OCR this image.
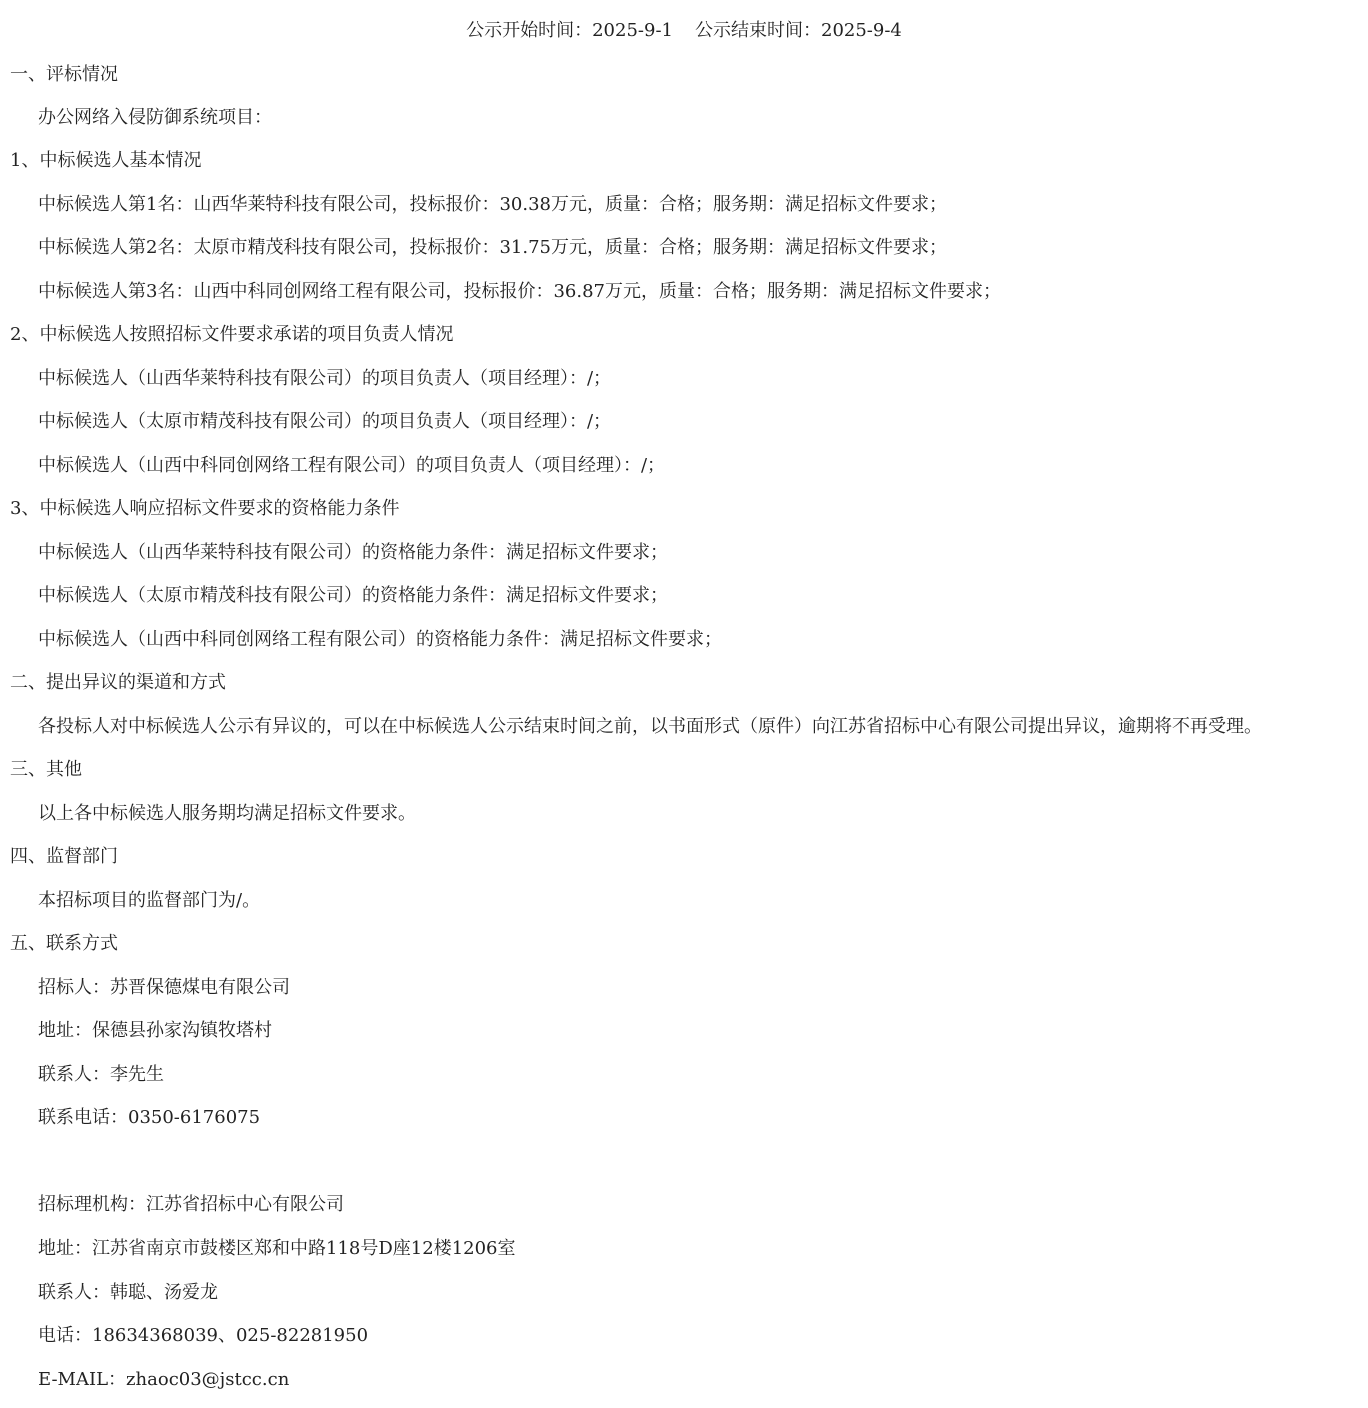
公示开始时间：2025-9-1 公示结束时间：2025-9-4
一、评标情况
办公网络入侵防御系统项目：
1、中标候选人基本情况
中标候选人第1名：山西华莱特科技有限公司，投标报价：30.38万元，质量：合格；服务期：满足招标文件要求；
中标候选人第2名：太原市精茂科技有限公司，投标报价：31.75万元，质量：合格；服务期：满足招标文件要求；
中标候选人第3名：山西中科同创网络工程有限公司，投标报价：36.87万元，质量：合格；服务期：满足招标文件要求；
2、中标候选人按照招标文件要求承诺的项目负责人情况
中标候选人（山西华莱特科技有限公司）的项目负责人（项目经理）：/；
中标候选人（太原市精茂科技有限公司）的项目负责人（项目经理）：/；
中标候选人（山西中科同创网络工程有限公司）的项目负责人（项目经理）：/；
3、中标候选人响应招标文件要求的资格能力条件
中标候选人（山西华莱特科技有限公司）的资格能力条件：满足招标文件要求；
中标候选人（太原市精茂科技有限公司）的资格能力条件：满足招标文件要求；
中标候选人（山西中科同创网络工程有限公司）的资格能力条件：满足招标文件要求；
二、提出异议的渠道和方式
各投标人对中标候选人公示有异议的，可以在中标候选人公示结束时间之前，以书面形式（原件）向江苏省招标中心有限公司提出异议，逾期将不再受理。
三、其他
以上各中标候选人服务期均满足招标文件要求。
四、监督部门
本招标项目的监督部门为/。
五、联系方式
招标人：苏晋保德煤电有限公司
地址：保德县孙家沟镇牧塔村
联系人：李先生
联系电话：0350-6176075
招标理机构：江苏省招标中心有限公司
地址：江苏省南京市鼓楼区郑和中路118号D座12楼1206室
联系人：韩聪、汤爱龙
电话：18634368039、025-82281950
E-MAIL：zhaoc03@jstcc.cn
